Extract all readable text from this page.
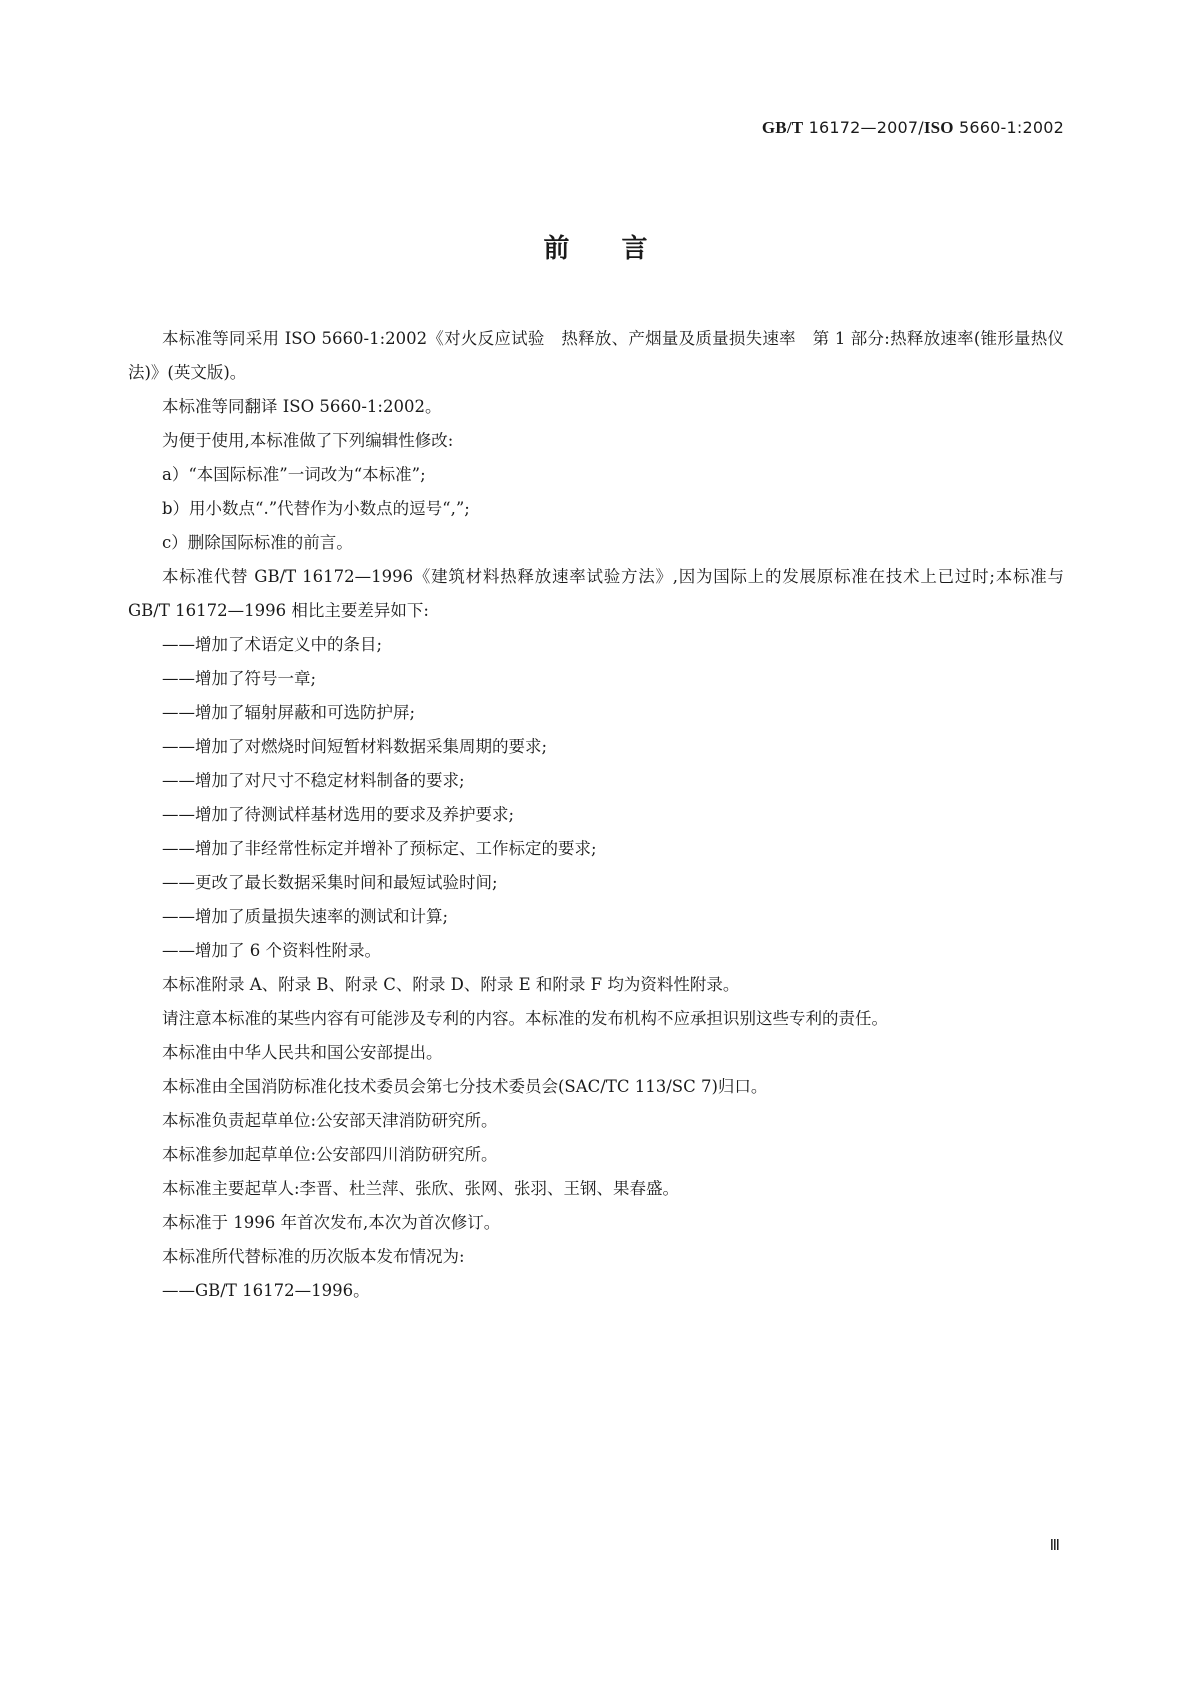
GB/T 16172—2007/ISO 5660-1:2002
前言

本标准等同采用 ISO 5660-1:2002《对火反应试验　热释放、产烟量及质量损失速率　第 1 部分:热释放速率(锥形量热仪法)》(英文版)。

本标准等同翻译 ISO 5660-1:2002。

为便于使用,本标准做了下列编辑性修改:

a）“本国际标准”一词改为“本标准”;

b）用小数点“.”代替作为小数点的逗号“,”;

c）删除国际标准的前言。

本标准代替 GB/T 16172—1996《建筑材料热释放速率试验方法》,因为国际上的发展原标准在技术上已过时;本标准与 GB/T 16172—1996 相比主要差异如下:

——增加了术语定义中的条目;

——增加了符号一章;

——增加了辐射屏蔽和可选防护屏;

——增加了对燃烧时间短暂材料数据采集周期的要求;

——增加了对尺寸不稳定材料制备的要求;

——增加了待测试样基材选用的要求及养护要求;

——增加了非经常性标定并增补了预标定、工作标定的要求;

——更改了最长数据采集时间和最短试验时间;

——增加了质量损失速率的测试和计算;

——增加了 6 个资料性附录。

本标准附录 A、附录 B、附录 C、附录 D、附录 E 和附录 F 均为资料性附录。

请注意本标准的某些内容有可能涉及专利的内容。本标准的发布机构不应承担识别这些专利的责任。

本标准由中华人民共和国公安部提出。

本标准由全国消防标准化技术委员会第七分技术委员会(SAC/TC 113/SC 7)归口。

本标准负责起草单位:公安部天津消防研究所。

本标准参加起草单位:公安部四川消防研究所。

本标准主要起草人:李晋、杜兰萍、张欣、张网、张羽、王钢、果春盛。

本标准于 1996 年首次发布,本次为首次修订。

本标准所代替标准的历次版本发布情况为:

——GB/T 16172—1996。

Ⅲ
